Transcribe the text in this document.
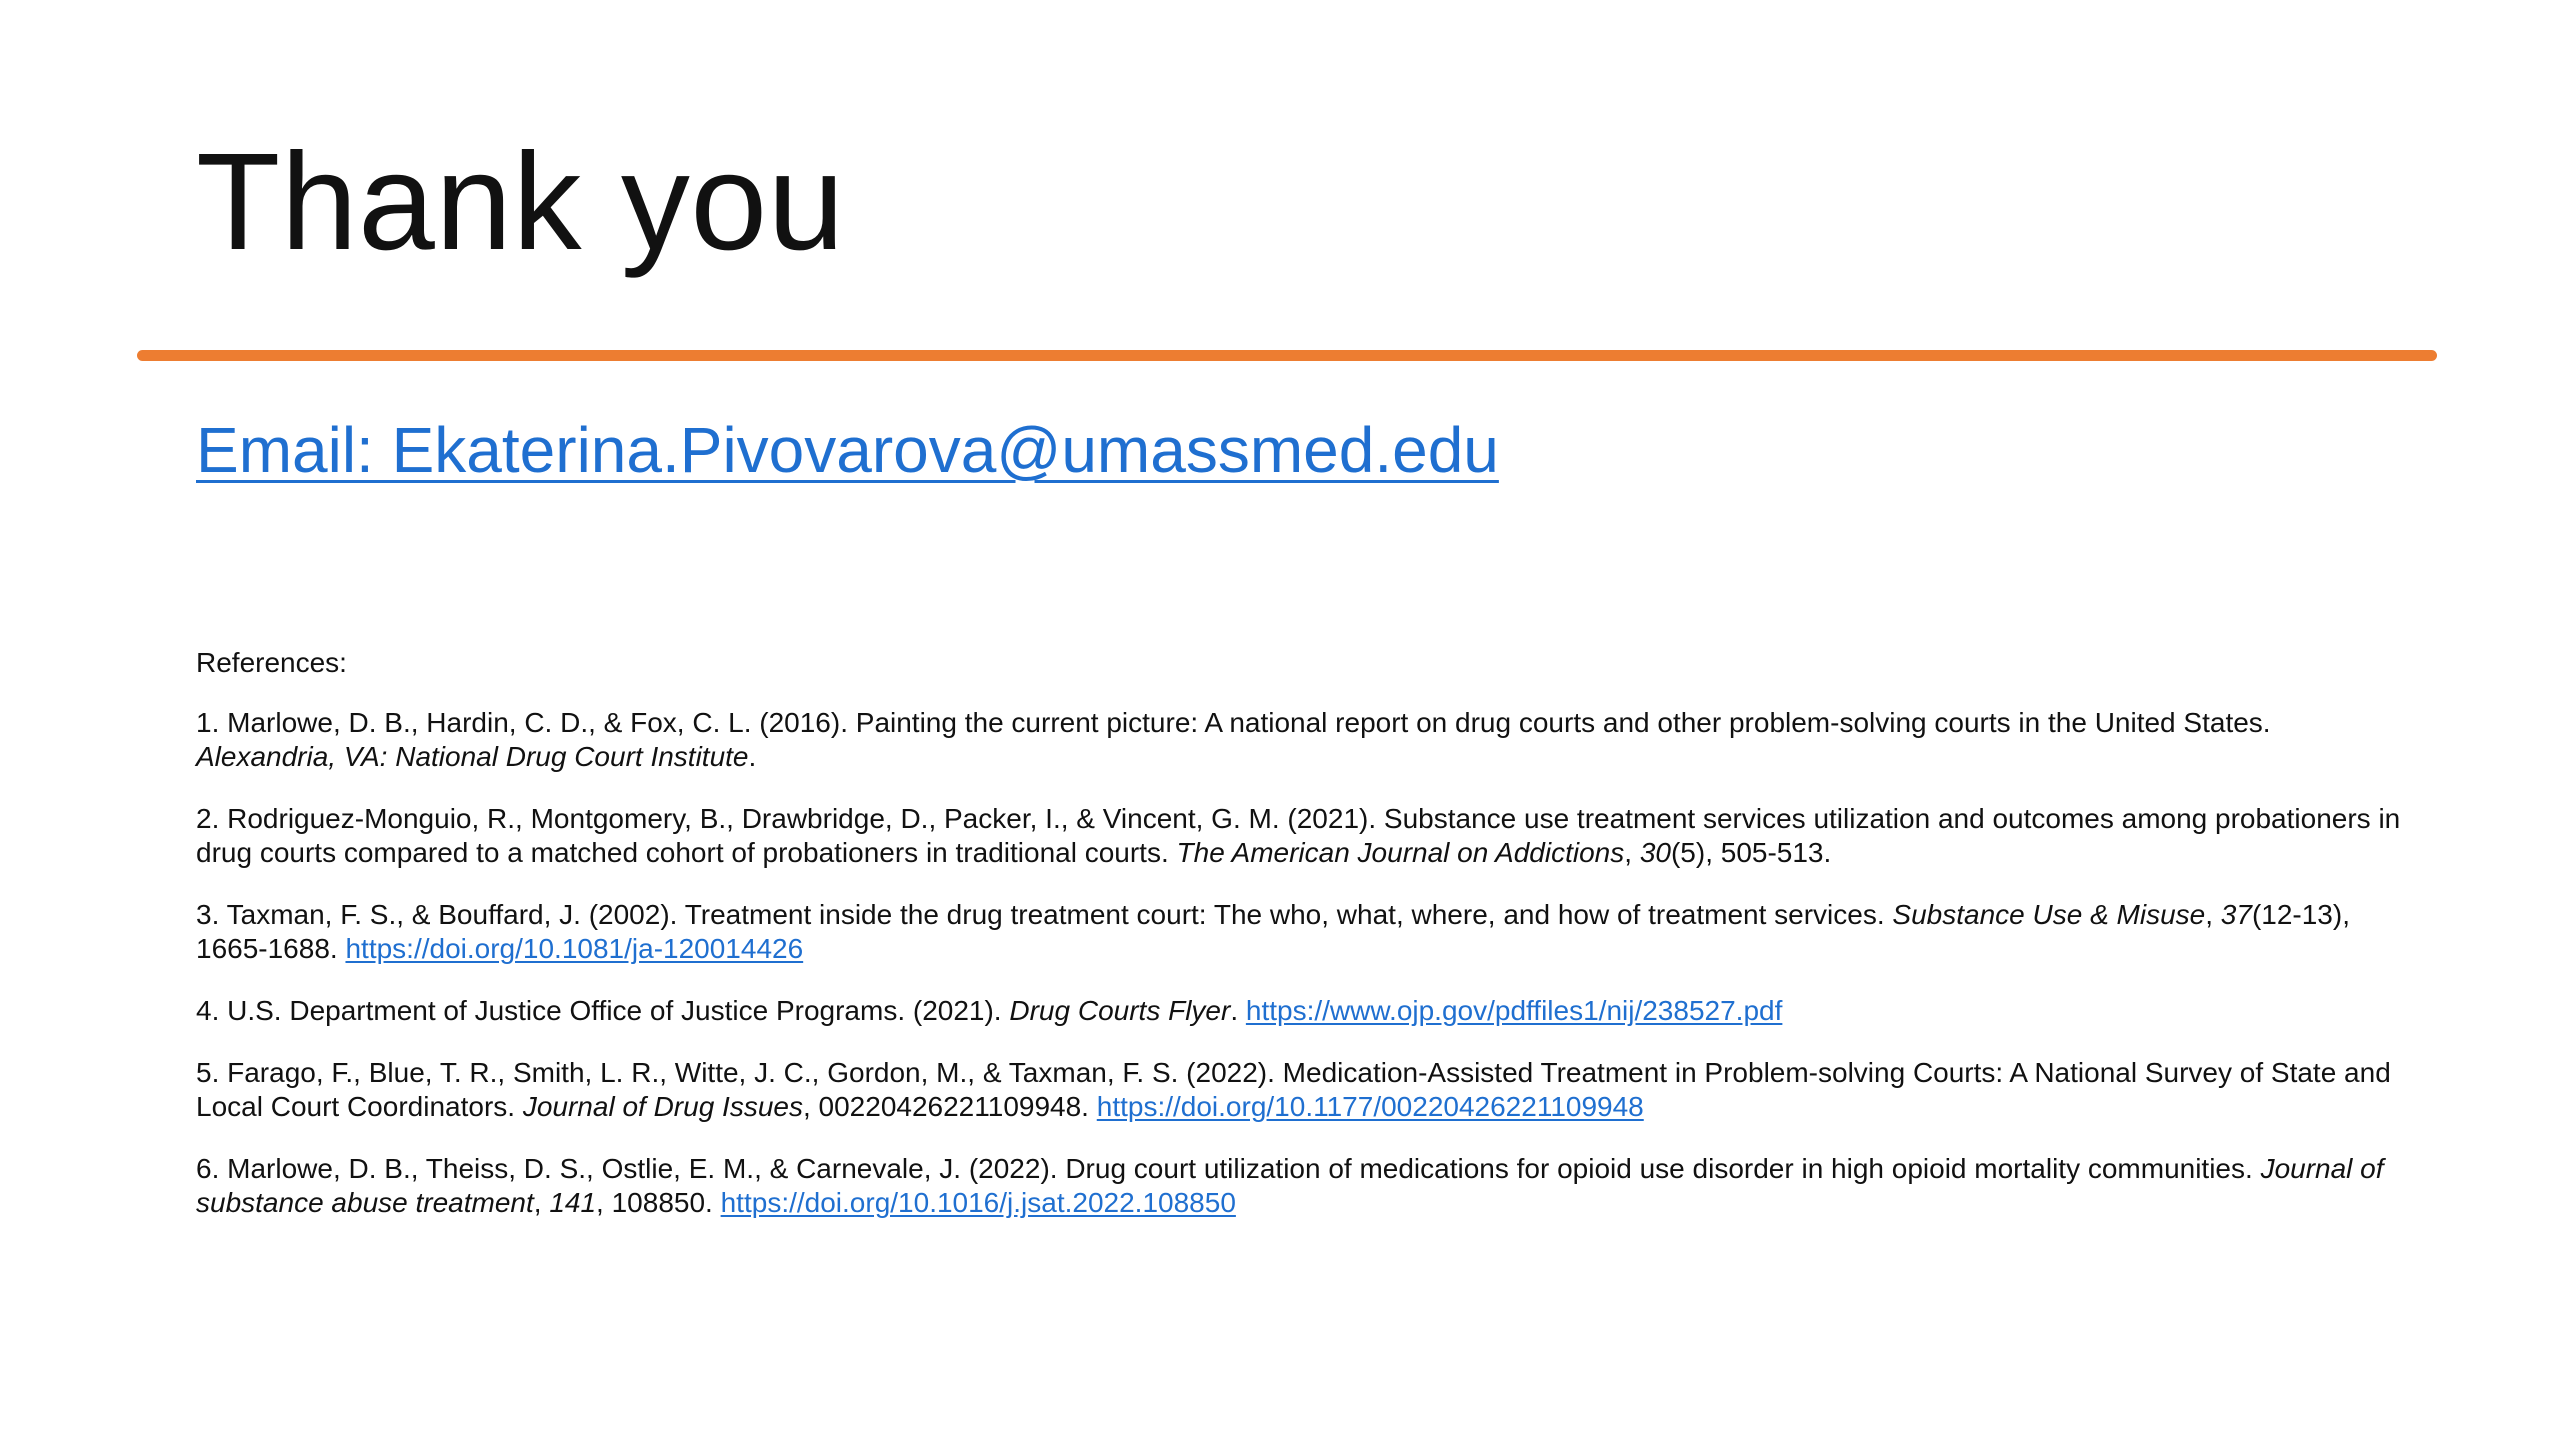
Thank you
Email: Ekaterina.Pivovarova@umassmed.edu
References:
1. Marlowe, D. B., Hardin, C. D., & Fox, C. L. (2016). Painting the current picture: A national report on drug courts and other problem-solving courts in the United States. Alexandria, VA: National Drug Court Institute.
2. Rodriguez-Monguio, R., Montgomery, B., Drawbridge, D., Packer, I., & Vincent, G. M. (2021). Substance use treatment services utilization and outcomes among probationers in drug courts compared to a matched cohort of probationers in traditional courts. The American Journal on Addictions, 30(5), 505-513.
3. Taxman, F. S., & Bouffard, J. (2002). Treatment inside the drug treatment court: The who, what, where, and how of treatment services. Substance Use & Misuse, 37(12-13), 1665-1688. https://doi.org/10.1081/ja-120014426
4. U.S. Department of Justice Office of Justice Programs. (2021). Drug Courts Flyer. https://www.ojp.gov/pdffiles1/nij/238527.pdf
5. Farago, F., Blue, T. R., Smith, L. R., Witte, J. C., Gordon, M., & Taxman, F. S. (2022). Medication-Assisted Treatment in Problem-solving Courts: A National Survey of State and Local Court Coordinators. Journal of Drug Issues, 00220426221109948. https://doi.org/10.1177/00220426221109948
6. Marlowe, D. B., Theiss, D. S., Ostlie, E. M., & Carnevale, J. (2022). Drug court utilization of medications for opioid use disorder in high opioid mortality communities. Journal of substance abuse treatment, 141, 108850. https://doi.org/10.1016/j.jsat.2022.108850
